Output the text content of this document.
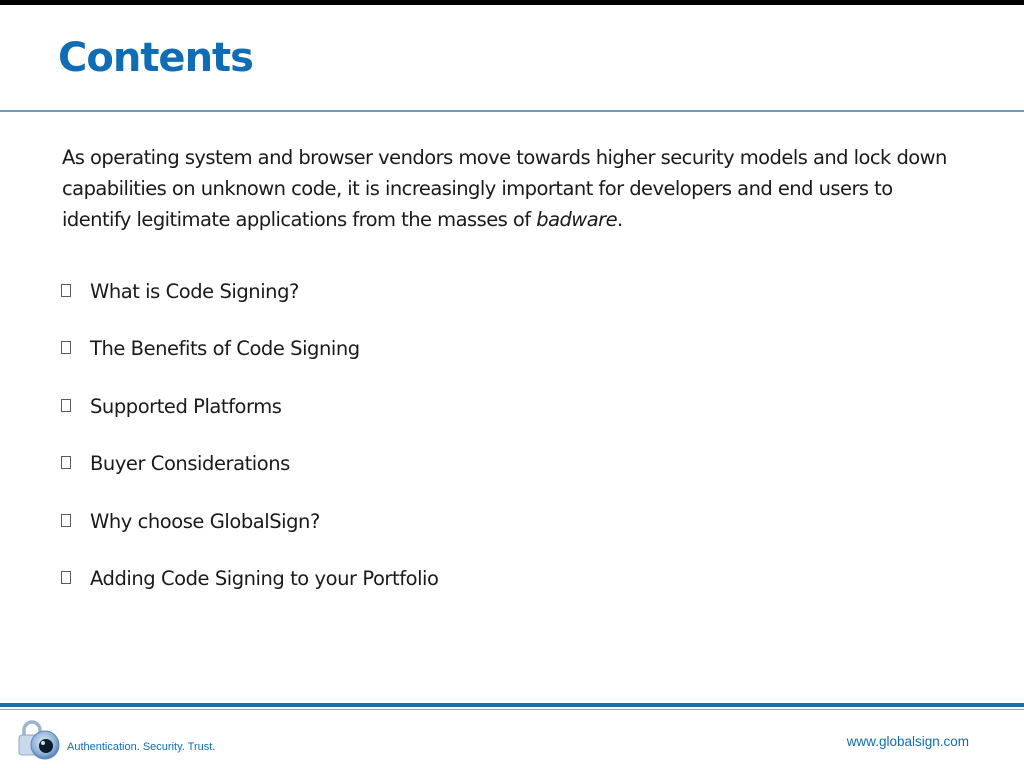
Contents

As operating system and browser vendors move towards higher security models and lock down capabilities on unknown code, it is increasingly important for developers and end users to identify legitimate applications from the masses of badware.

What is Code Signing?
The Benefits of Code Signing
Supported Platforms
Buyer Considerations
Why choose GlobalSign?
Adding Code Signing to your Portfolio
Authentication. Security. Trust.	www.globalsign.com
